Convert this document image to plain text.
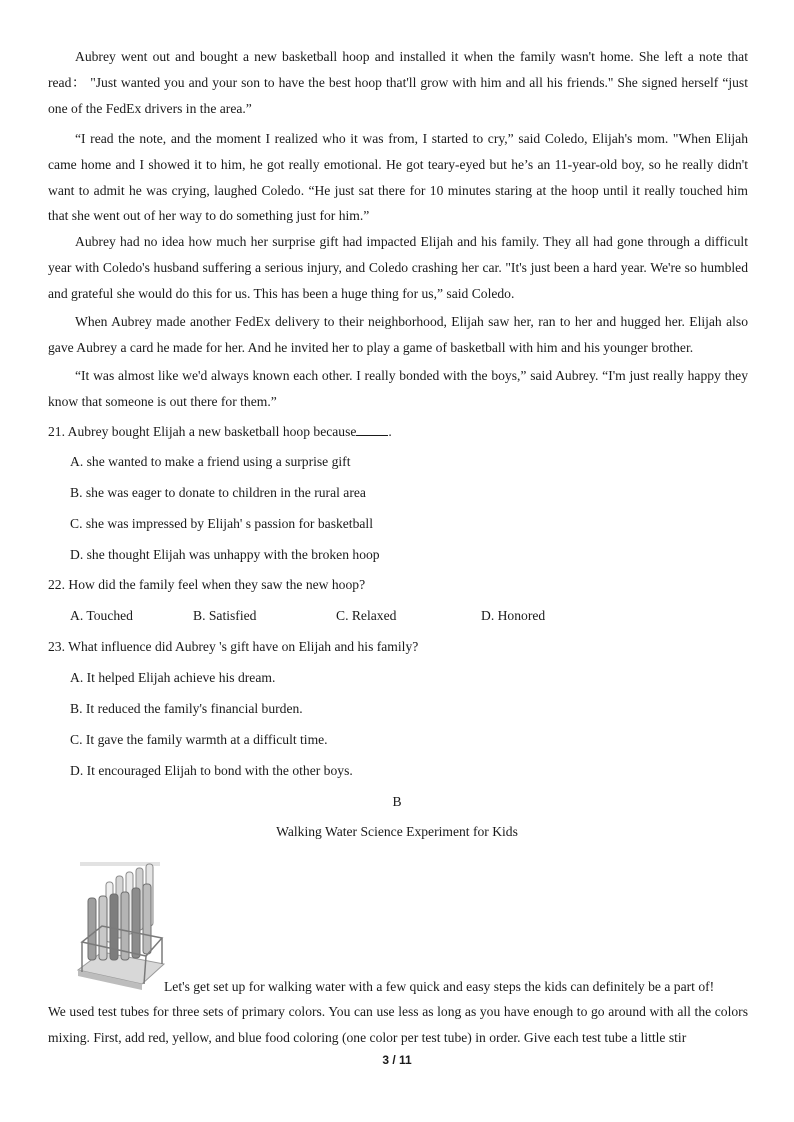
Aubrey went out and bought a new basketball hoop and installed it when the family wasn't home. She left a note that read： "Just wanted you and your son to have the best hoop that'll grow with him and all his friends." She signed herself “just one of the FedEx drivers in the area.”

“I read the note, and the moment I realized who it was from, I started to cry,” said Coledo, Elijah's mom. "When Elijah came home and I showed it to him, he got really emotional. He got teary-eyed but he’s an 11-year-old boy, so he really didn't want to admit he was crying, laughed Coledo. “He just sat there for 10 minutes staring at the hoop until it really touched him that she went out of her way to do something just for him.”

Aubrey had no idea how much her surprise gift had impacted Elijah and his family. They all had gone through a difficult year with Coledo's husband suffering a serious injury, and Coledo crashing her car. "It's just been a hard year. We're so humbled and grateful she would do this for us. This has been a huge thing for us,” said Coledo.

When Aubrey made another FedEx delivery to their neighborhood, Elijah saw her, ran to her and hugged her. Elijah also gave Aubrey a card he made for her. And he invited her to play a game of basketball with him and his younger brother.

“It was almost like we'd always known each other. I really bonded with the boys,” said Aubrey. “I'm just really happy they know that someone is out there for them.”

21. Aubrey bought Elijah a new basketball hoop because .

A. she wanted to make a friend using a surprise gift

B. she was eager to donate to children in the rural area

C. she was impressed by Elijah' s passion for basketball

D. she thought Elijah was unhappy with the broken hoop

22. How did the family feel when they saw the new hoop?

A. Touched	B. Satisfied	C. Relaxed	D. Honored

23. What influence did Aubrey 's gift have on Elijah and his family?

A. It helped Elijah achieve his dream.

B. It reduced the family's financial burden.

C. It gave the family warmth at a difficult time.

D. It encouraged Elijah to bond with the other boys.

B

Walking Water Science Experiment for Kids

Let's get set up for walking water with a few quick and easy steps the kids can definitely be a part of!

We used test tubes for three sets of primary colors. You can use less as long as you have enough to go around with all the colors mixing. First, add red, yellow, and blue food coloring (one color per test tube) in order. Give each test tube a little stir

3 / 11
